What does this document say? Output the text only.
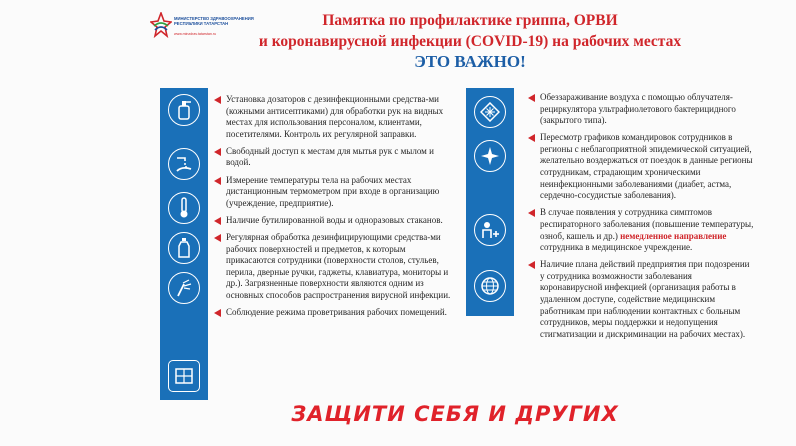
МИНИСТЕРСТВО ЗДРАВООХРАНЕНИЯ РЕСПУБЛИКИ ТАТАРСТАН
www.minzdrav.tatarstan.ru
Памятка по профилактике гриппа, ОРВИ
и коронавирусной инфекции (COVID-19) на рабочих местах
ЭТО ВАЖНО!
Установка дозаторов с дезинфекционными средства-ми (кожными антисептиками) для обработки рук на видных местах для использования персоналом, клиентами, посетителями. Контроль их регулярной заправки.
Свободный доступ к местам для мытья рук с мылом и водой.
Измерение температуры тела на рабочих местах дистанционным термометром при входе в организацию (учреждение, предприятие).
Наличие бутилированной воды и одноразовых стаканов.
Регулярная обработка дезинфицирующими средства-ми рабочих поверхностей и предметов, к которым прикасаются сотрудники (поверхности столов, стульев, перила, дверные ручки, гаджеты, клавиатура, мониторы и др.). Загрязненные поверхности являются одним из основных способов распространения вирусной инфекции.
Соблюдение режима проветривания рабочих помещений.
Обеззараживание воздуха с помощью облучателя-рециркулятора ультрафиолетового бактерицидного (закрытого типа).
Пересмотр графиков командировок сотрудников в регионы с неблагоприятной эпидемической ситуацией, желательно воздержаться от поездок в данные регионы сотрудникам, страдающим хроническими неинфекционными заболеваниями (диабет, астма, сердечно-сосудистые заболевания).
В случае появления у сотрудника симптомов респираторного заболевания (повышение температуры, озноб, кашель и др.) немедленное направление сотрудника в медицинское учреждение.
Наличие плана действий предприятия при подозрении у сотрудника возможности заболевания коронавирусной инфекцией (организация работы в удаленном доступе, содействие медицинским работникам при наблюдении контактных с больным сотрудников, меры поддержки и недопущения стигматизации и дискриминации на рабочих местах).
ЗАЩИТИ СЕБЯ И ДРУГИХ
